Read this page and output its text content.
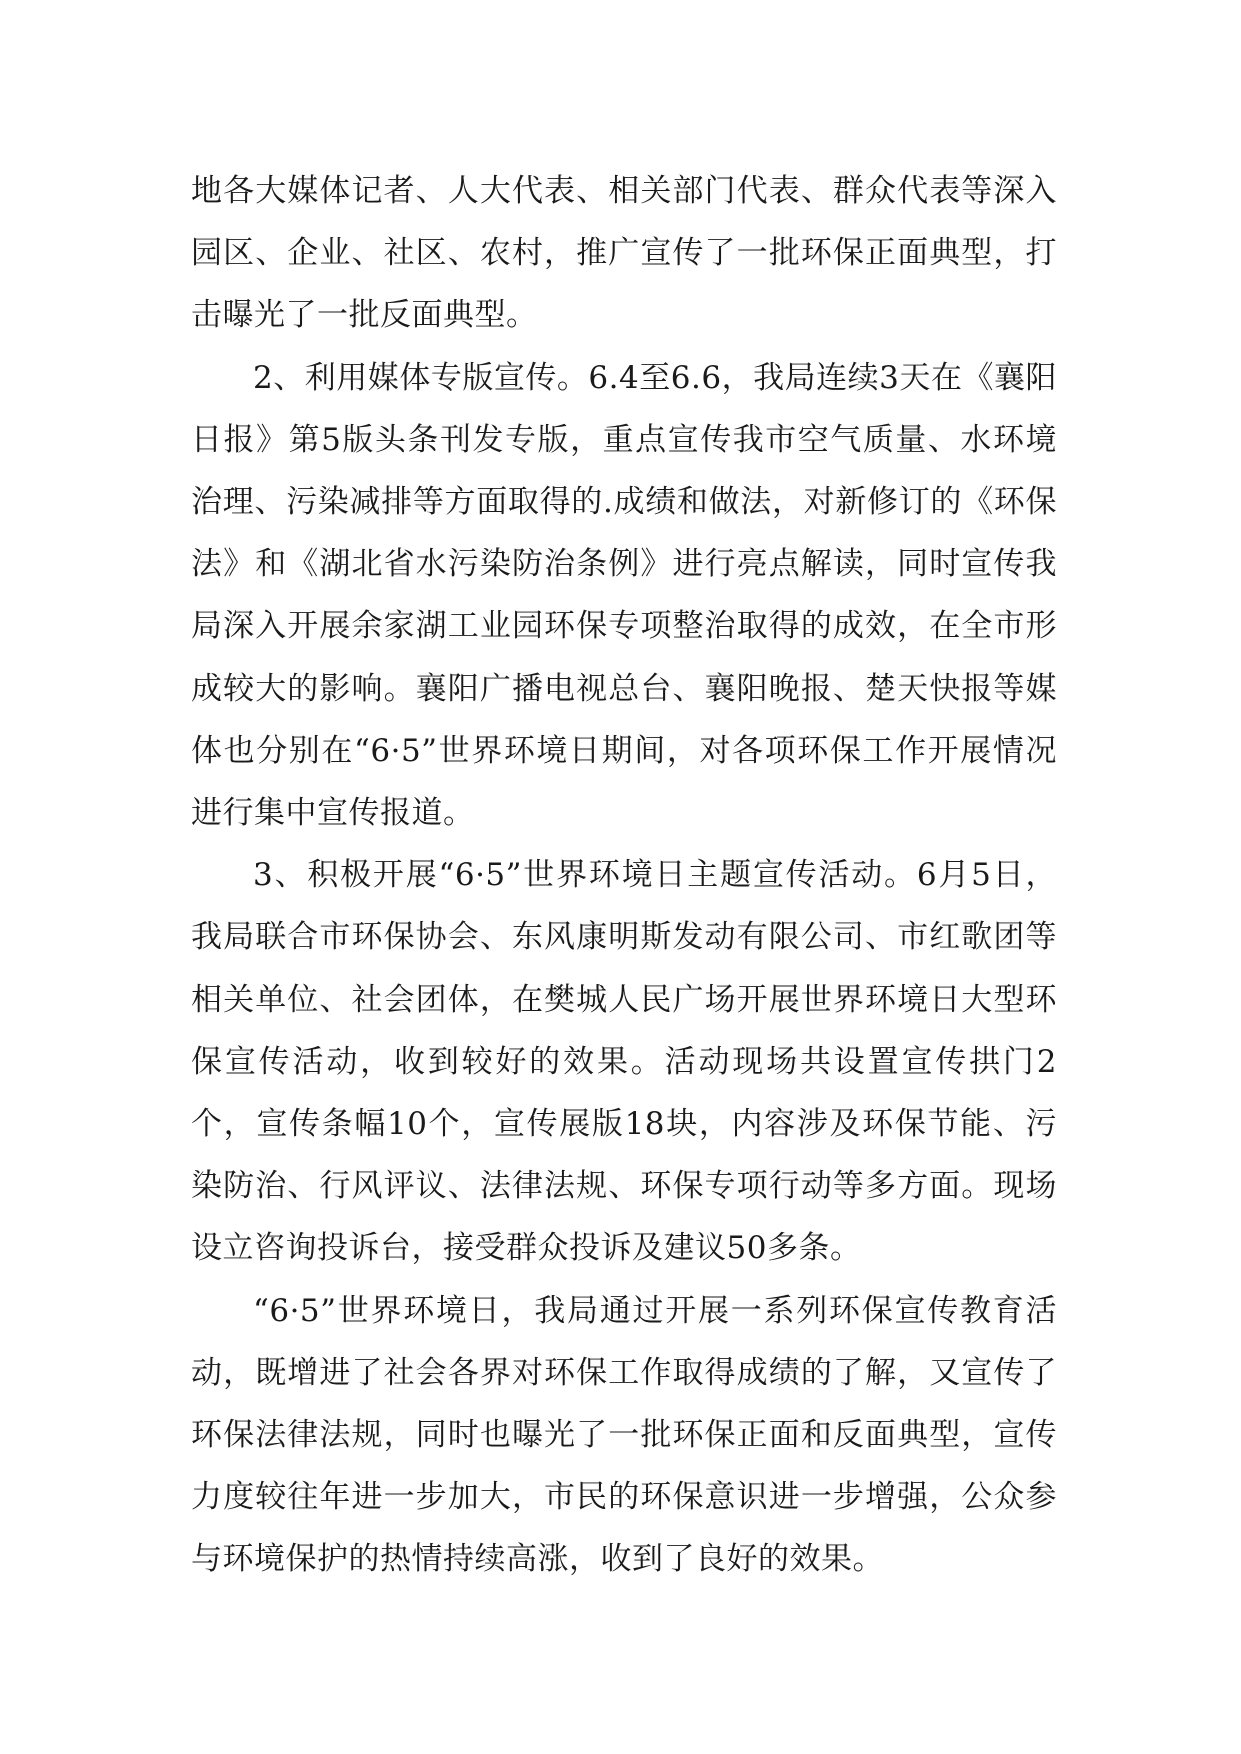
地各大媒体记者、人大代表、相关部门代表、群众代表等深入园区、企业、社区、农村，推广宣传了一批环保正面典型，打击曝光了一批反面典型。

2、利用媒体专版宣传。6.4至6.6，我局连续3天在《襄阳日报》第5版头条刊发专版，重点宣传我市空气质量、水环境治理、污染减排等方面取得的.成绩和做法，对新修订的《环保法》和《湖北省水污染防治条例》进行亮点解读，同时宣传我局深入开展余家湖工业园环保专项整治取得的成效，在全市形成较大的影响。襄阳广播电视总台、襄阳晚报、楚天快报等媒体也分别在“6·5”世界环境日期间，对各项环保工作开展情况进行集中宣传报道。

3、积极开展“6·5”世界环境日主题宣传活动。6月5日，我局联合市环保协会、东风康明斯发动有限公司、市红歌团等相关单位、社会团体，在樊城人民广场开展世界环境日大型环保宣传活动，收到较好的效果。活动现场共设置宣传拱门2个，宣传条幅10个，宣传展版18块，内容涉及环保节能、污染防治、行风评议、法律法规、环保专项行动等多方面。现场设立咨询投诉台，接受群众投诉及建议50多条。

“6·5”世界环境日，我局通过开展一系列环保宣传教育活动，既增进了社会各界对环保工作取得成绩的了解，又宣传了环保法律法规，同时也曝光了一批环保正面和反面典型，宣传力度较往年进一步加大，市民的环保意识进一步增强，公众参与环境保护的热情持续高涨，收到了良好的效果。
